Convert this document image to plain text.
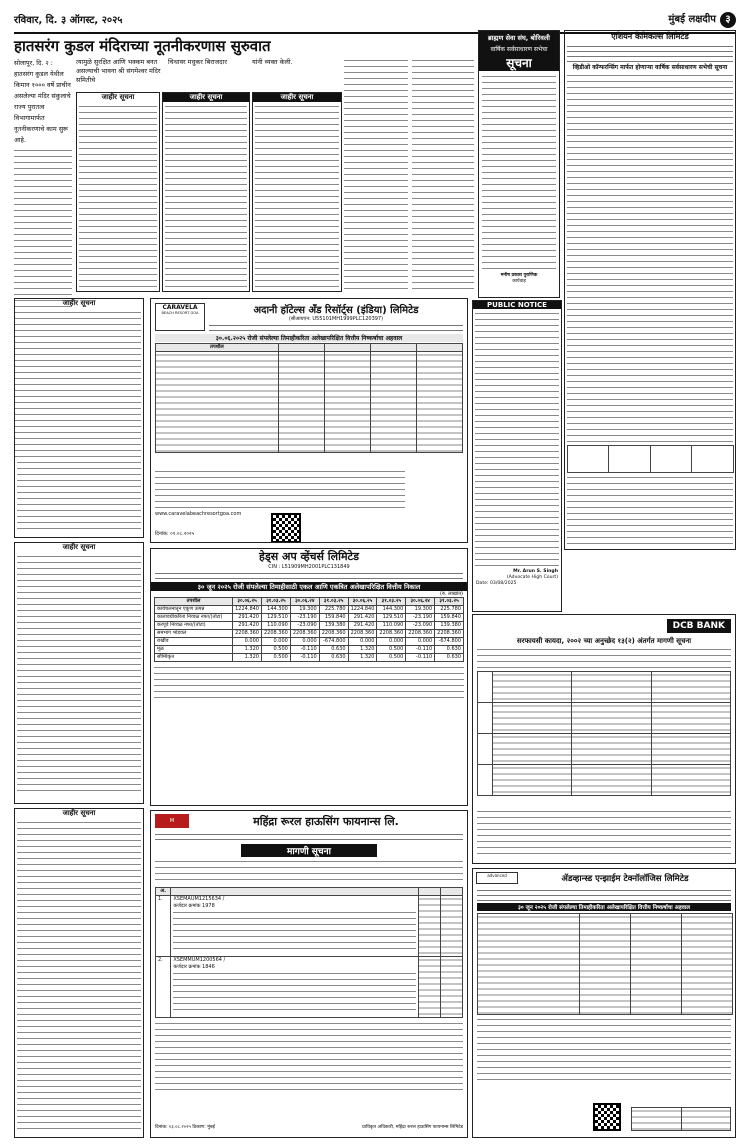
रविवार, दि. ३ ऑगस्ट, २०२५	मुंबई लक्षदीप ३
हातसरंग कुडल मंदिराच्या नूतनीकरणास सुरुवात
सोलापूर, दि. २ : हातसरंग कुडल येथील किमान १००० वर्षे प्राचीन असलेल्या मंदिर संकुलाचे राज्य पुरातत्व विभागामार्फत नूतनीकरणाचे काम सुरू आहे.
त्यामुळे सुरक्षित आणि भक्कम बनत असल्याची भावना श्री संगमेश्वर मंदिर समितीचे
चिथावर मधुकर बिराजदार	यांनी व्यक्त केली.
जाहीर सूचना	जाहीर सूचना	जाहीर सूचना
ब्राह्मण सेवा संघ, बोरिवली
वार्षिक सर्वसाधारण सभेचा
सूचना
मनीष प्रकाश पुराणिक
कार्यवाह
एशियन केमिकल्स लिमिटेड
व्हिडीओ कॉन्फरन्सिंग मार्फत होणाऱ्या वार्षिक सर्वसाधारण सभेची सूचना

जाहीर सूचना
CARAVELA
BEACH RESORT GOA	अदानी हॉटेल्स अँड रिसॉर्ट्स (इंडिया) लिमिटेड
(सीआयएन: U55101MH1999PLC120397)
३०.०६.२०२५ रोजी संपलेल्या तिमाहीकरिता अलेखापरिक्षित वित्तीय निष्कर्षाचा अहवाल
तपशील				

www.caravelabeachresortgoa.com
दिनांक: ०१.०८.२०२५
PUBLIC NOTICE
Mr. Arun S. Singh
(Advocate High Court)
Date: 03/08/2025
जाहीर सूचना
हेड्स अप व्हेंचर्स लिमिटेड
CIN : L51909MH2001PLC131849
३० जून २०२५ रोजी संपलेल्या तिमाहीसाठी एकल आणि एकत्रित अलेखापरिक्षित वित्तीय निकाल
(रु. लाखांत)
तपशील	३०.०६.२५	३१.०३.२५	३०.०६.२४	३१.०३.२५	३०.०६.२५	३१.०३.२५	३०.०६.२४	३१.०३.२५
कार्यचलनातून एकूण उत्पन्न	1224.840	144.300	19.300	225.780	1224.840	144.300	19.300	225.780
कालावधीकरिता निव्वळ नफा/(तोटा)	291.420	129.510	-23.190	159.840	291.420	129.510	-23.190	159.840
करपूर्व निव्वळ नफा/(तोटा)	291.420	110.090	-23.090	139.380	291.420	110.090	-23.090	139.380
समभाग भांडवल	2208.360	2208.360	2208.360	2208.360	2208.360	2208.360	2208.360	2208.360
राखीव	0.000	0.000	0.000	-674.800	0.000	0.000	0.000	-674.800
मूळ	1.320	0.500	-0.110	0.630	1.320	0.500	-0.110	0.630
सौम्यिकृत	1.320	0.500	-0.110	0.630	1.320	0.500	-0.110	0.630
DCB BANK
सरफायसी कायदा, २००२ च्या अनुच्छेद १३(२) अंतर्गत मागणी सूचना

जाहीर सूचना
M	महिंद्रा रूरल हाऊसिंग फायनान्स लि.
मागणी सूचना
अ.			
1.	XSEMAUM1215634 /
कर्जदार क्रमांक 1978		

2.	XSEMMUM1200564 /
कर्जदार क्रमांक 1846		

दिनांक: ०३.०८.२०२५ ठिकाण: मुंबई	प्राधिकृत अधिकारी, महिंद्रा रूरल हाऊसिंग फायनान्स लिमिटेड
advanced	ॲडव्हान्स्ड एन्झाईम टेक्नॉलॉजिस लिमिटेड
३० जून २०२५ रोजी संपलेल्या तिमाहीकरिता अलेखापरिक्षित वित्तीय निष्कर्षाचा अहवाल
